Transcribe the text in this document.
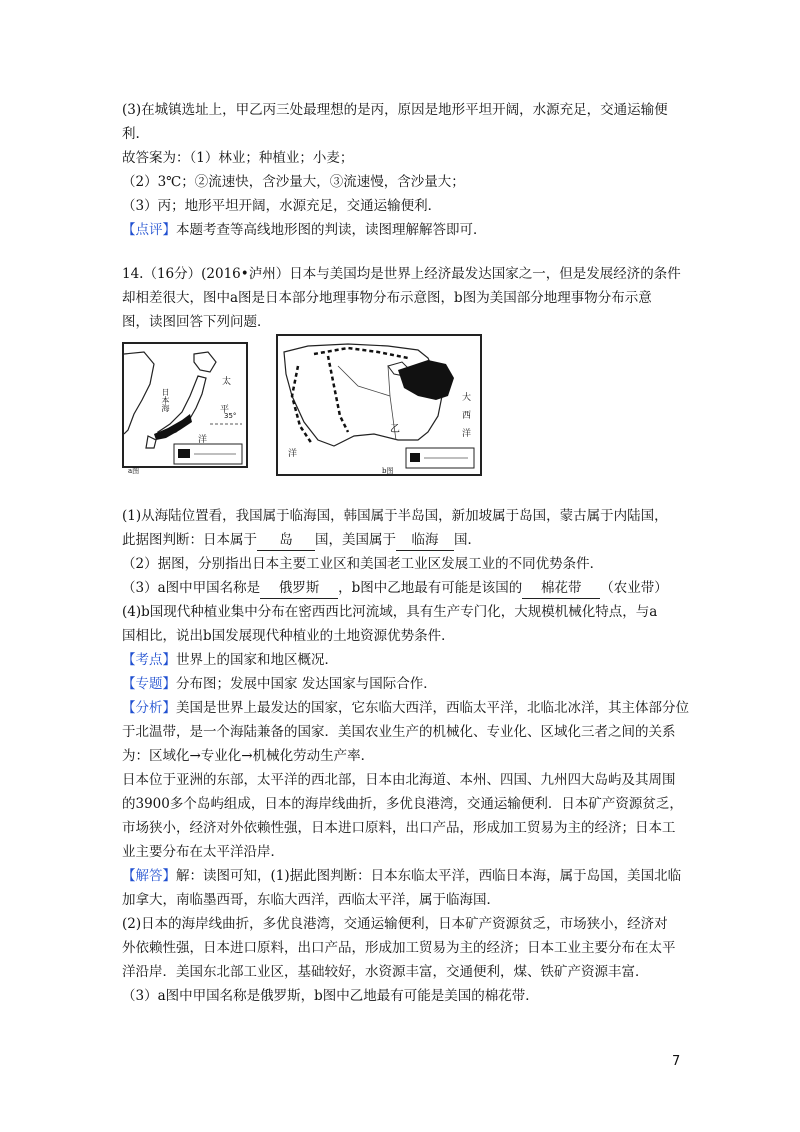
(3)在城镇选址上，甲乙丙三处最理想的是丙，原因是地形平坦开阔，水源充足，交通运输便
利.
故答案为：（1）林业；种植业；小麦；
（2）3℃；②流速快，含沙量大，③流速慢，含沙量大；
（3）丙；地形平坦开阔，水源充足，交通运输便利．
【点评】本题考查等高线地形图的判读，读图理解解答即可．
14.（16分）(2016•泸州）日本与美国均是世界上经济最发达国家之一，但是发展经济的条件
却相差很大，图中a图是日本部分地理事物分布示意图，b图为美国部分地理事物分布示意
图，读图回答下列问题．
日本海
太
平
洋
35°
a图
乙
大
西
洋
洋
b图
(1)从海陆位置看，我国属于临海国，韩国属于半岛国，新加坡属于岛国，蒙古属于内陆国，
此据图判断：日本属于 岛 国，美国属于 临海 国．
（2）据图，分别指出日本主要工业区和美国老工业区发展工业的不同优势条件．
（3）a图中甲国名称是 俄罗斯 ，b图中乙地最有可能是该国的 棉花带 （农业带）
(4)b国现代种植业集中分布在密西西比河流域，具有生产专门化，大规模机械化特点，与a
国相比，说出b国发展现代种植业的土地资源优势条件．
【考点】世界上的国家和地区概况．
【专题】分布图；发展中国家 发达国家与国际合作．
【分析】美国是世界上最发达的国家，它东临大西洋，西临太平洋，北临北冰洋，其主体部分位
于北温带，是一个海陆兼备的国家．美国农业生产的机械化、专业化、区域化三者之间的关系
为：区域化→专业化→机械化劳动生产率．
日本位于亚洲的东部，太平洋的西北部，日本由北海道、本州、四国、九州四大岛屿及其周围
的3900多个岛屿组成，日本的海岸线曲折，多优良港湾，交通运输便利．日本矿产资源贫乏，
市场狭小，经济对外依赖性强，日本进口原料，出口产品，形成加工贸易为主的经济；日本工
业主要分布在太平洋沿岸．
【解答】解：读图可知，(1)据此图判断：日本东临太平洋，西临日本海，属于岛国，美国北临
加拿大，南临墨西哥，东临大西洋，西临太平洋，属于临海国．
(2)日本的海岸线曲折，多优良港湾，交通运输便利，日本矿产资源贫乏，市场狭小，经济对
外依赖性强，日本进口原料，出口产品，形成加工贸易为主的经济；日本工业主要分布在太平
洋沿岸．美国东北部工业区，基础较好，水资源丰富，交通便利，煤、铁矿产资源丰富．
（3）a图中甲国名称是俄罗斯，b图中乙地最有可能是美国的棉花带．
7
